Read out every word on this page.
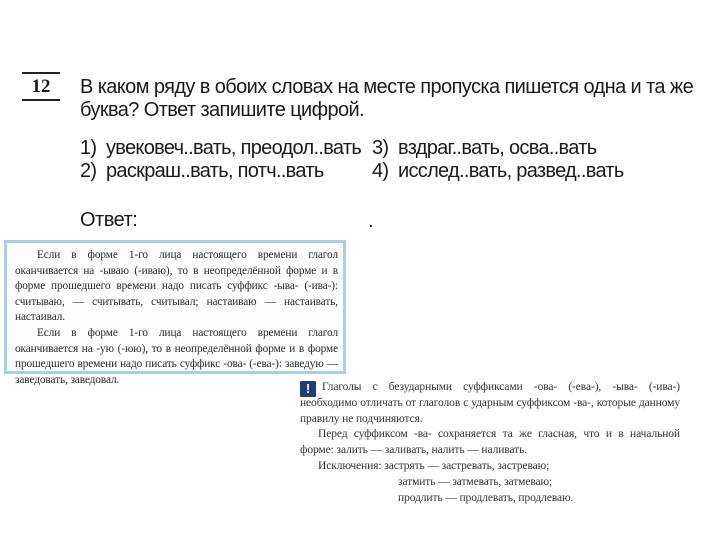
12	В каком ряду в обоих словах на месте пропуска пишется одна и та же буква? Ответ запишите цифрой.
1) увековеч..вать, преодол..вать
2) раскраш..вать, потч..вать
3) вздраг..вать, осва..вать
4) исслед..вать, развед..вать
Ответ:	.

Если в форме 1-го лица настоящего времени глагол оканчивается на -ываю (-иваю), то в неопределённой форме и в форме прошедшего времени надо писать суффикс -ыва- (-ива-): считываю, — считывать, считывал; настаиваю — настаивать, настаивал.

Если в форме 1-го лица настоящего времени глагол оканчивается на -ую (-юю), то в неопределённой форме и в форме прошедшего времени надо писать суффикс -ова- (-ева-): заведую — заведовать, заведовал.

!	Глаголы с безударными суффиксами -ова- (-ева-), -ыва- (-ива-) необходимо отличать от глаголов с ударным суффиксом -ва-, которые данному правилу не подчиняются.

Перед суффиксом -ва- сохраняется та же гласная, что и в начальной форме: залить — заливать, налить — наливать.

Исключения: застрять — застревать, застреваю;

затмить — затмевать, затмеваю;

продлить — продлевать, продлеваю.
